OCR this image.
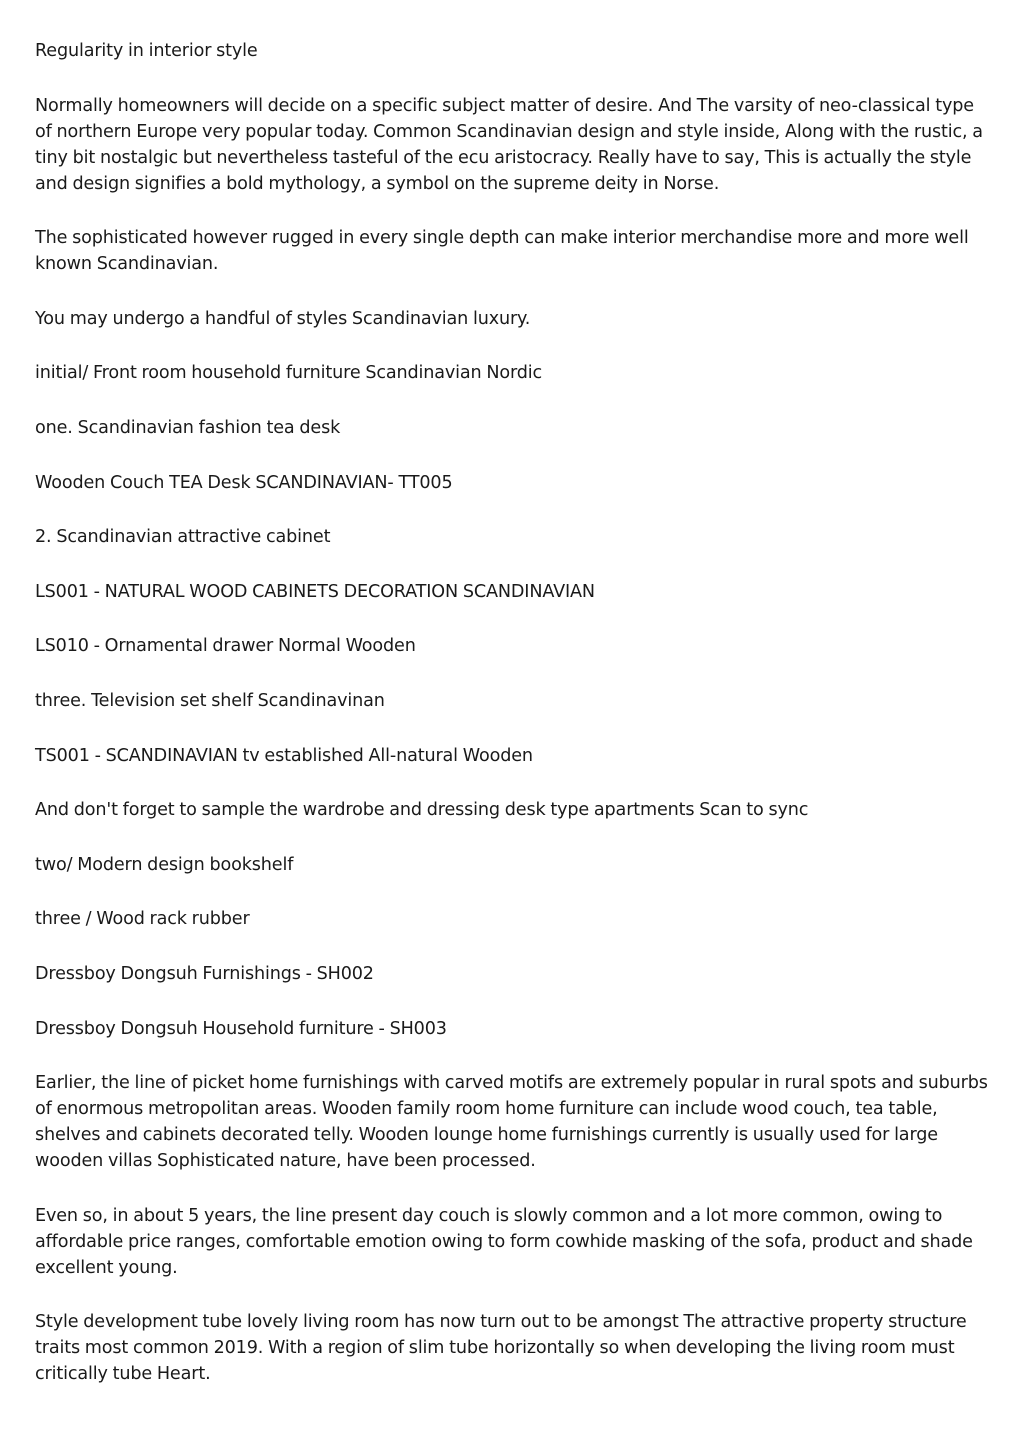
Regularity in interior style

Normally homeowners will decide on a specific subject matter of desire. And The varsity of neo-classical type of northern Europe very popular today. Common Scandinavian design and style inside, Along with the rustic, a tiny bit nostalgic but nevertheless tasteful of the ecu aristocracy. Really have to say, This is actually the style and design signifies a bold mythology, a symbol on the supreme deity in Norse.

The sophisticated however rugged in every single depth can make interior merchandise more and more well known Scandinavian.

You may undergo a handful of styles Scandinavian luxury.

initial/ Front room household furniture Scandinavian Nordic

one. Scandinavian fashion tea desk

Wooden Couch TEA Desk SCANDINAVIAN- TT005

2. Scandinavian attractive cabinet

LS001 - NATURAL WOOD CABINETS DECORATION SCANDINAVIAN

LS010 - Ornamental drawer Normal Wooden

three. Television set shelf Scandinavinan

TS001 - SCANDINAVIAN tv established All-natural Wooden

And don't forget to sample the wardrobe and dressing desk type apartments Scan to sync

two/ Modern design bookshelf

three / Wood rack rubber

Dressboy Dongsuh Furnishings - SH002

Dressboy Dongsuh Household furniture - SH003

Earlier, the line of picket home furnishings with carved motifs are extremely popular in rural spots and suburbs of enormous metropolitan areas. Wooden family room home furniture can include wood couch, tea table, shelves and cabinets decorated telly. Wooden lounge home furnishings currently is usually used for large wooden villas Sophisticated nature, have been processed.

Even so, in about 5 years, the line present day couch is slowly common and a lot more common, owing to affordable price ranges, comfortable emotion owing to form cowhide masking of the sofa, product and shade excellent young.

Style development tube lovely living room has now turn out to be amongst The attractive property structure traits most common 2019. With a region of slim tube horizontally so when developing the living room must critically tube Heart.
